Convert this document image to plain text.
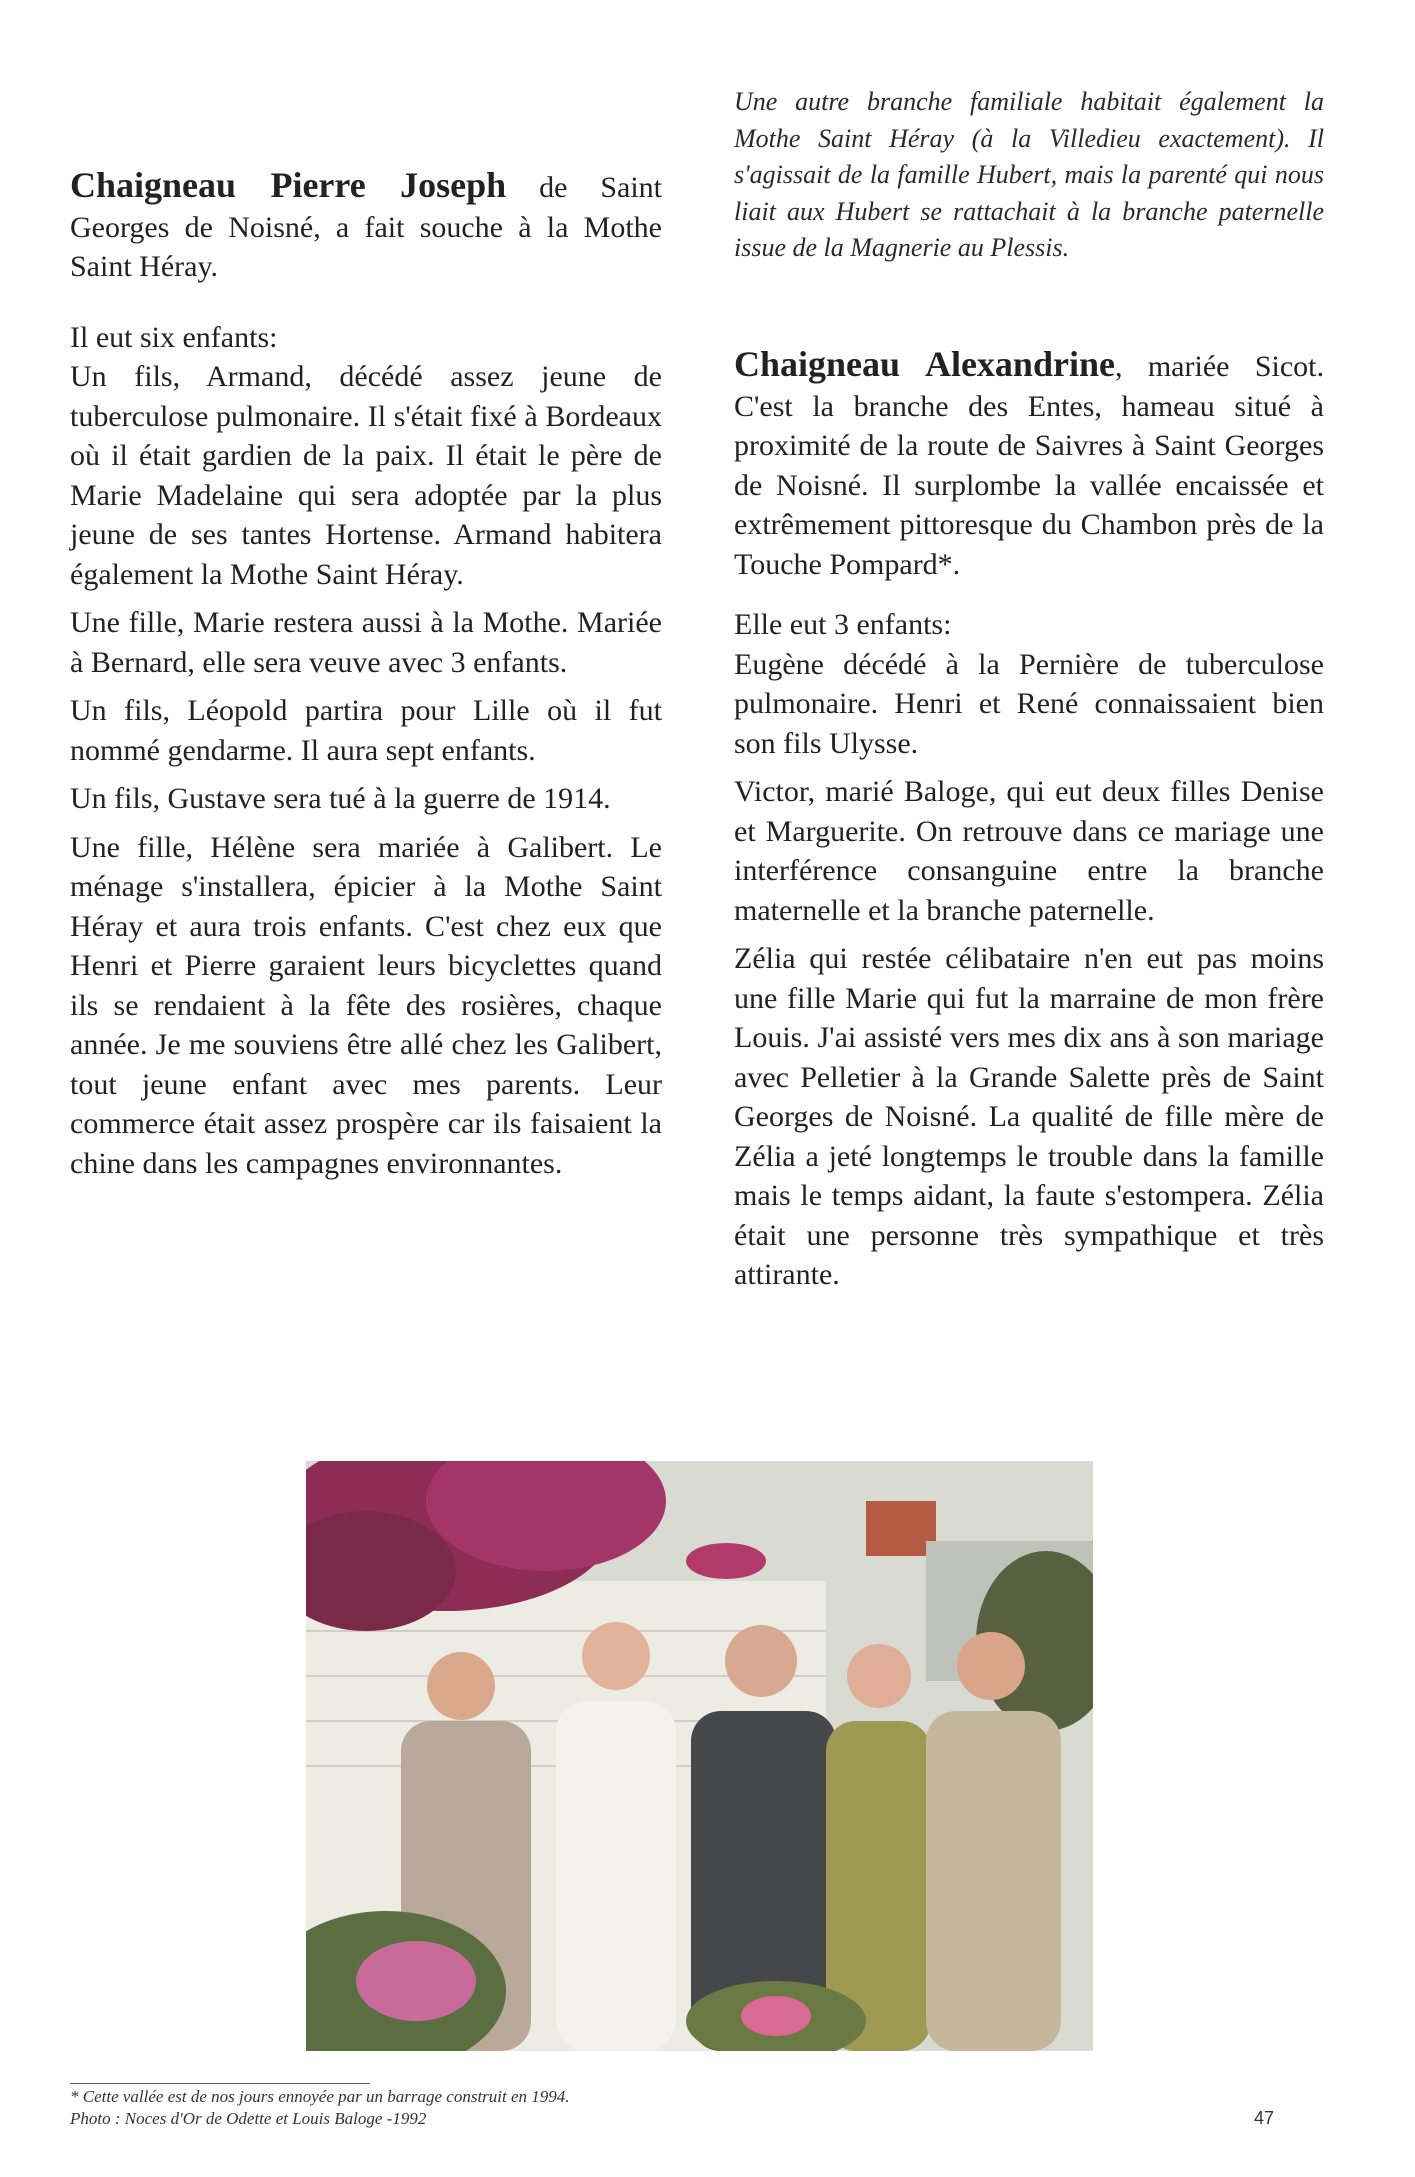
Une autre branche familiale habitait également la Mothe Saint Héray (à la Villedieu exactement). Il s'agissait de la famille Hubert, mais la parenté qui nous liait aux Hubert se rattachait à la branche paternelle issue de la Magnerie au Plessis.

Chaigneau Pierre Joseph de Saint Georges de Noisné, a fait souche à la Mothe Saint Héray.

Il eut six enfants:

Un fils, Armand, décédé assez jeune de tuberculose pulmonaire. Il s'était fixé à Bordeaux où il était gardien de la paix. Il était le père de Marie Madelaine qui sera adoptée par la plus jeune de ses tantes Hortense. Armand habitera également la Mothe Saint Héray.

Une fille, Marie restera aussi à la Mothe. Mariée à Bernard, elle sera veuve avec 3 enfants.

Un fils, Léopold partira pour Lille où il fut nommé gendarme. Il aura sept enfants.

Un fils, Gustave sera tué à la guerre de 1914.

Une fille, Hélène sera mariée à Galibert. Le ménage s'installera, épicier à la Mothe Saint Héray et aura trois enfants. C'est chez eux que Henri et Pierre garaient leurs bicyclettes quand ils se rendaient à la fête des rosières, chaque année. Je me souviens être allé chez les Galibert, tout jeune enfant avec mes parents. Leur commerce était assez prospère car ils faisaient la chine dans les campagnes environnantes.

Chaigneau Alexandrine, mariée Sicot. C'est la branche des Entes, hameau situé à proximité de la route de Saivres à Saint Georges de Noisné. Il surplombe la vallée encaissée et extrêmement pittoresque du Chambon près de la Touche Pompard*.

Elle eut 3 enfants:

Eugène décédé à la Pernière de tuberculose pulmonaire. Henri et René connaissaient bien son fils Ulysse.

Victor, marié Baloge, qui eut deux filles Denise et Marguerite. On retrouve dans ce mariage une interférence consanguine entre la branche maternelle et la branche paternelle.

Zélia qui restée célibataire n'en eut pas moins une fille Marie qui fut la marraine de mon frère Louis. J'ai assisté vers mes dix ans à son mariage avec Pelletier à la Grande Salette près de Saint Georges de Noisné. La qualité de fille mère de Zélia a jeté longtemps le trouble dans la famille mais le temps aidant, la faute s'estompera. Zélia était une personne très sympathique et très attirante.

* Cette vallée est de nos jours ennoyée par un barrage construit en 1994.
Photo : Noces d'Or de Odette et Louis Baloge -1992	47
